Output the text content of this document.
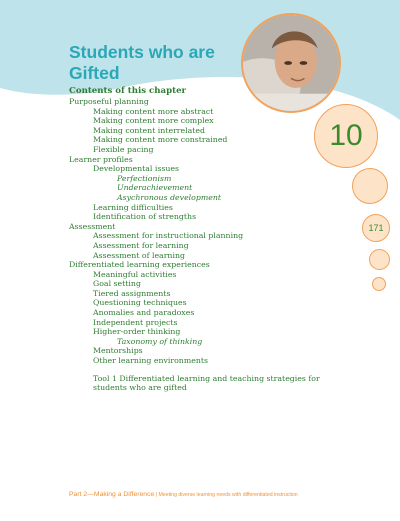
Students who are Gifted
10
171

Contents of this chapter

Purposeful planning
Making content more abstract
Making content more complex
Making content interrelated
Making content more constrained
Flexible pacing
Learner profiles
Developmental issues
Perfectionism
Underachievement
Asychronous development
Learning difficulties
Identification of strengths
Assessment
Assessment for instructional planning
Assessment for learning
Assessment of learning
Differentiated learning experiences
Meaningful activities
Goal setting
Tiered assignments
Questioning techniques
Anomalies and paradoxes
Independent projects
Higher-order thinking
Taxonomy of thinking
Mentorships
Other learning environments
Tool 1 Differentiated learning and teaching strategies for students who are gifted
Part 2—Making a Difference | Meeting diverse learning needs with differentiated instruction
